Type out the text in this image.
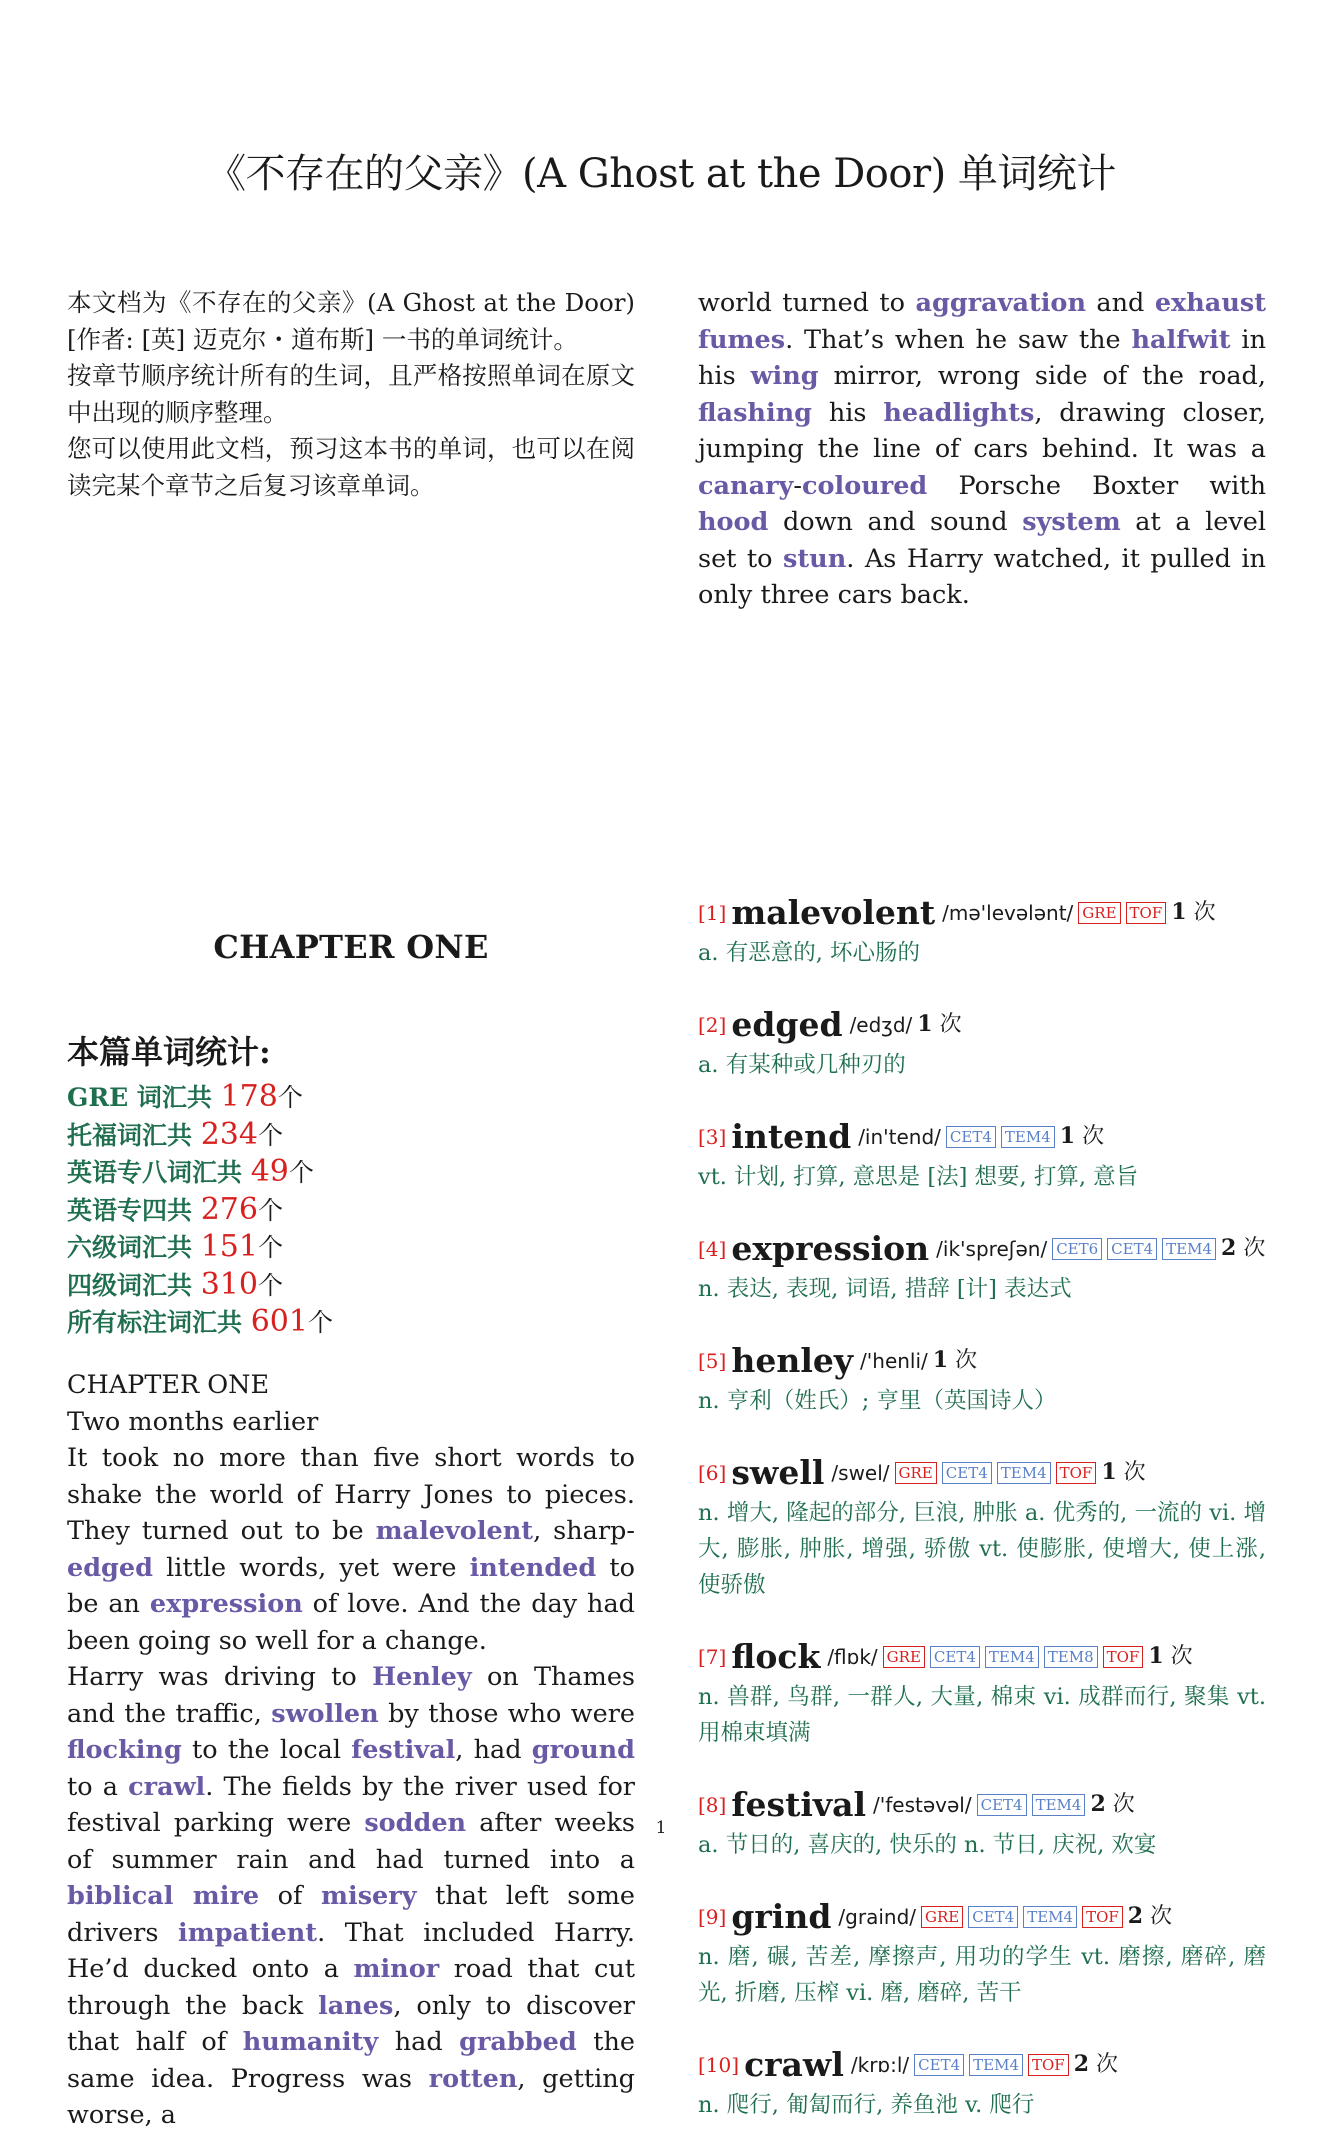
《不存在的父亲》(A Ghost at the Door) 单词统计

本文档为《不存在的父亲》(A Ghost at the Door)[作者: [英] 迈克尔・道布斯] 一书的单词统计。

按章节顺序统计所有的生词，且严格按照单词在原文中出现的顺序整理。

您可以使用此文档，预习这本书的单词，也可以在阅读完某个章节之后复习该章单词。

CHAPTER ONE
本篇单词统计:
GRE 词汇共 178个
托福词汇共 234个
英语专八词汇共 49个
英语专四共 276个
六级词汇共 151个
四级词汇共 310个
所有标注词汇共 601个

CHAPTER ONE

Two months earlier

It took no more than five short words to shake the world of Harry Jones to pieces. They turned out to be malevolent, sharp-edged little words, yet were intended to be an expression of love. And the day had been going so well for a change.

Harry was driving to Henley on Thames and the traffic, swollen by those who were flocking to the local festival, had ground to a crawl. The fields by the river used for festival parking were sodden after weeks of summer rain and had turned into a biblical mire of misery that left some drivers impatient. That included Harry. He’d ducked onto a minor road that cut through the back lanes, only to discover that half of humanity had grabbed the same idea. Progress was rotten, getting worse, a

world turned to aggravation and exhaust fumes. That’s when he saw the halfwit in his wing mirror, wrong side of the road, flashing his headlights, drawing closer, jumping the line of cars behind. It was a canary-coloured Porsche Boxter with hood down and sound system at a level set to stun. As Harry watched, it pulled in only three cars back.

[1] malevolent /mə'levələnt/ GRE TOF 1 次
a. 有恶意的, 坏心肠的
[2] edged /edʒd/ 1 次
a. 有某种或几种刃的
[3] intend /in'tend/ CET4 TEM4 1 次
vt. 计划, 打算, 意思是 [法] 想要, 打算, 意旨
[4] expression /ik'spreʃən/ CET6 CET4 TEM4 2 次
n. 表达, 表现, 词语, 措辞 [计] 表达式
[5] henley /'henli/ 1 次
n. 亨利（姓氏）; 亨里（英国诗人）
[6] swell /swel/ GRE CET4 TEM4 TOF 1 次
n. 增大, 隆起的部分, 巨浪, 肿胀 a. 优秀的, 一流的 vi. 增大, 膨胀, 肿胀, 增强, 骄傲 vt. 使膨胀, 使增大, 使上涨, 使骄傲
[7] flock /flɒk/ GRE CET4 TEM4 TEM8 TOF 1 次
n. 兽群, 鸟群, 一群人, 大量, 棉束 vi. 成群而行, 聚集 vt. 用棉束填满
[8] festival /'festəvəl/ CET4 TEM4 2 次
a. 节日的, 喜庆的, 快乐的 n. 节日, 庆祝, 欢宴
[9] grind /graind/ GRE CET4 TEM4 TOF 2 次
n. 磨, 碾, 苦差, 摩擦声, 用功的学生 vt. 磨擦, 磨碎, 磨光, 折磨, 压榨 vi. 磨, 磨碎, 苦干
[10] crawl /krɒ:l/ CET4 TEM4 TOF 2 次
n. 爬行, 匍匐而行, 养鱼池 v. 爬行
1
